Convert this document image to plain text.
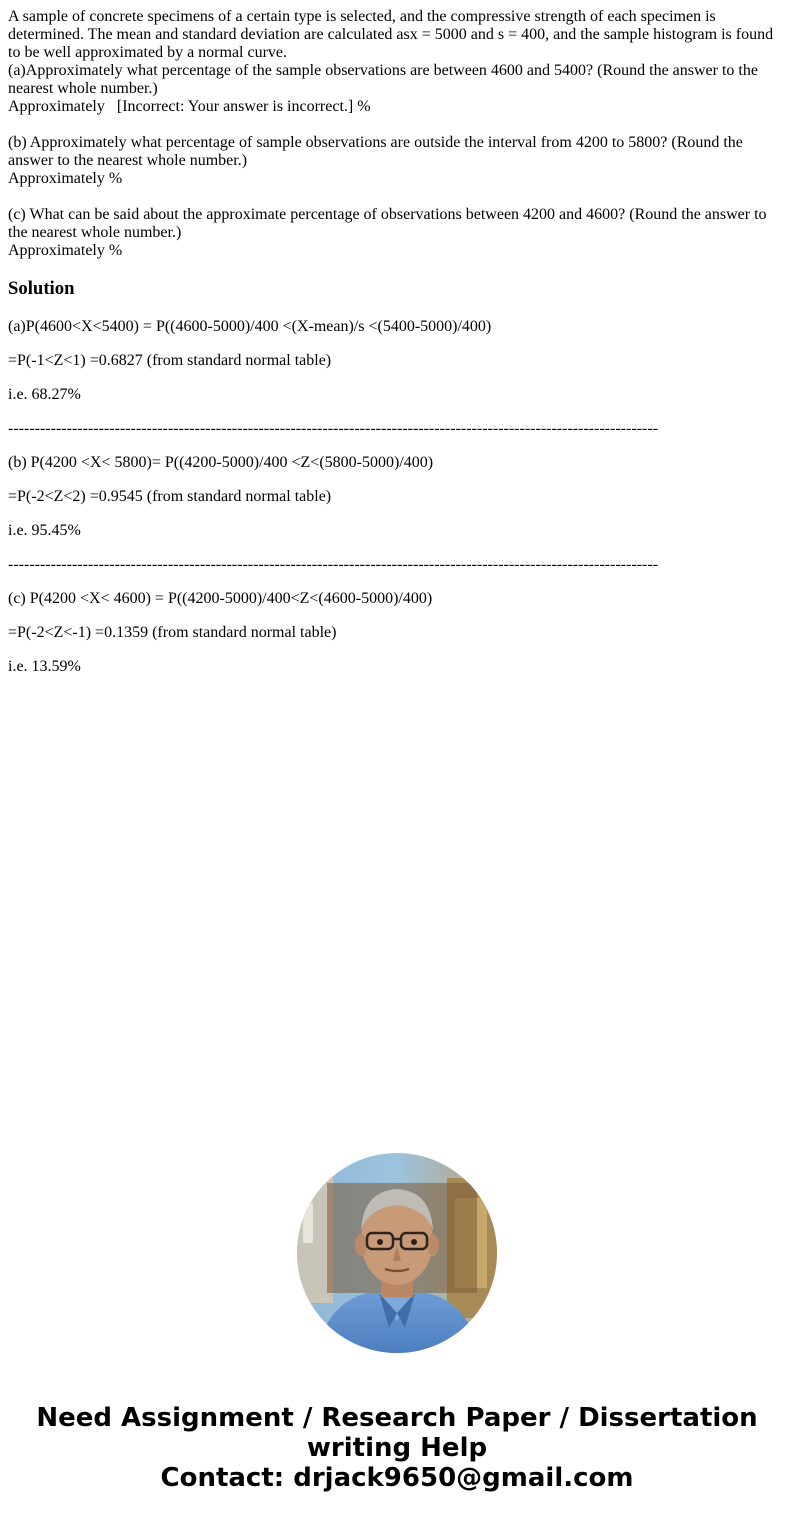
A sample of concrete specimens of a certain type is selected, and the compressive strength of each specimen is determined. The mean and standard deviation are calculated asx = 5000 and s = 400, and the sample histogram is found to be well approximated by a normal curve.
(a)Approximately what percentage of the sample observations are between 4600 and 5400? (Round the answer to the nearest whole number.)
Approximately [Incorrect: Your answer is incorrect.] %
(b) Approximately what percentage of sample observations are outside the interval from 4200 to 5800? (Round the answer to the nearest whole number.)
Approximately %
(c) What can be said about the approximate percentage of observations between 4200 and 4600? (Round the answer to the nearest whole number.)
Approximately %
Solution

(a)P(4600<X<5400) = P((4600-5000)/400 <(X-mean)/s <(5400-5000)/400)

=P(-1<Z<1) =0.6827 (from standard normal table)

i.e. 68.27%

--------------------------------------------------------------------------------------------------------------------------

(b) P(4200 <X< 5800)= P((4200-5000)/400 <Z<(5800-5000)/400)

=P(-2<Z<2) =0.9545 (from standard normal table)

i.e. 95.45%

--------------------------------------------------------------------------------------------------------------------------

(c) P(4200 <X< 4600) = P((4200-5000)/400<Z<(4600-5000)/400)

=P(-2<Z<-1) =0.1359 (from standard normal table)

i.e. 13.59%

Need Assignment / Research Paper / Dissertation
writing Help
Contact: drjack9650@gmail.com
